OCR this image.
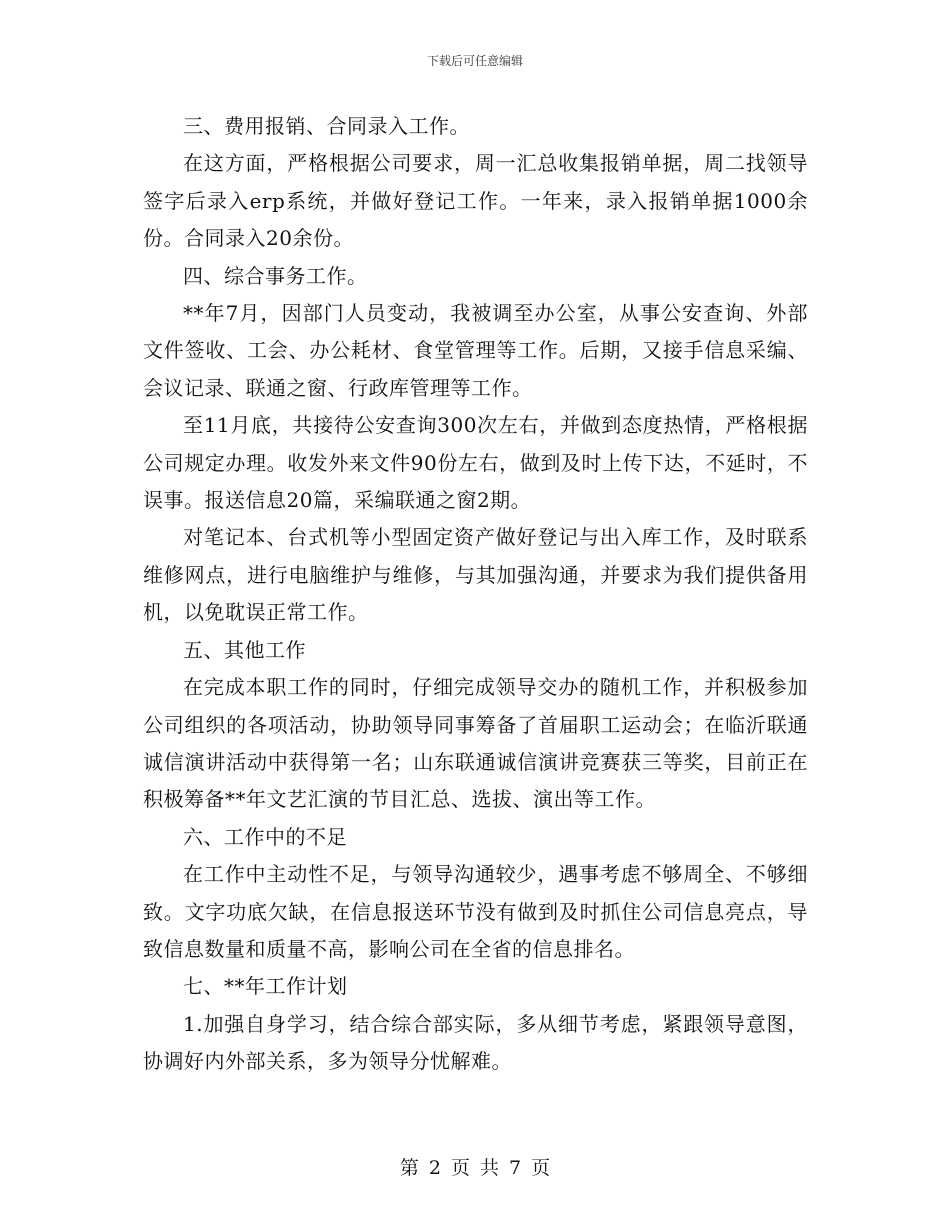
下载后可任意编辑

三、费用报销、合同录入工作。

在这方面，严格根据公司要求，周一汇总收集报销单据，周二找领导签字后录入erp系统，并做好登记工作。一年来，录入报销单据1000余份。合同录入20余份。

四、综合事务工作。

**年7月，因部门人员变动，我被调至办公室，从事公安查询、外部文件签收、工会、办公耗材、食堂管理等工作。后期，又接手信息采编、会议记录、联通之窗、行政库管理等工作。

至11月底，共接待公安查询300次左右，并做到态度热情，严格根据公司规定办理。收发外来文件90份左右，做到及时上传下达，不延时，不误事。报送信息20篇，采编联通之窗2期。

对笔记本、台式机等小型固定资产做好登记与出入库工作，及时联系维修网点，进行电脑维护与维修，与其加强沟通，并要求为我们提供备用机，以免耽误正常工作。

五、其他工作

在完成本职工作的同时，仔细完成领导交办的随机工作，并积极参加公司组织的各项活动，协助领导同事筹备了首届职工运动会；在临沂联通诚信演讲活动中获得第一名；山东联通诚信演讲竞赛获三等奖，目前正在积极筹备**年文艺汇演的节目汇总、选拔、演出等工作。

六、工作中的不足

在工作中主动性不足，与领导沟通较少，遇事考虑不够周全、不够细致。文字功底欠缺，在信息报送环节没有做到及时抓住公司信息亮点，导致信息数量和质量不高，影响公司在全省的信息排名。

七、**年工作计划

1.加强自身学习，结合综合部实际，多从细节考虑，紧跟领导意图，协调好内外部关系，多为领导分忧解难。

第 2 页 共 7 页
